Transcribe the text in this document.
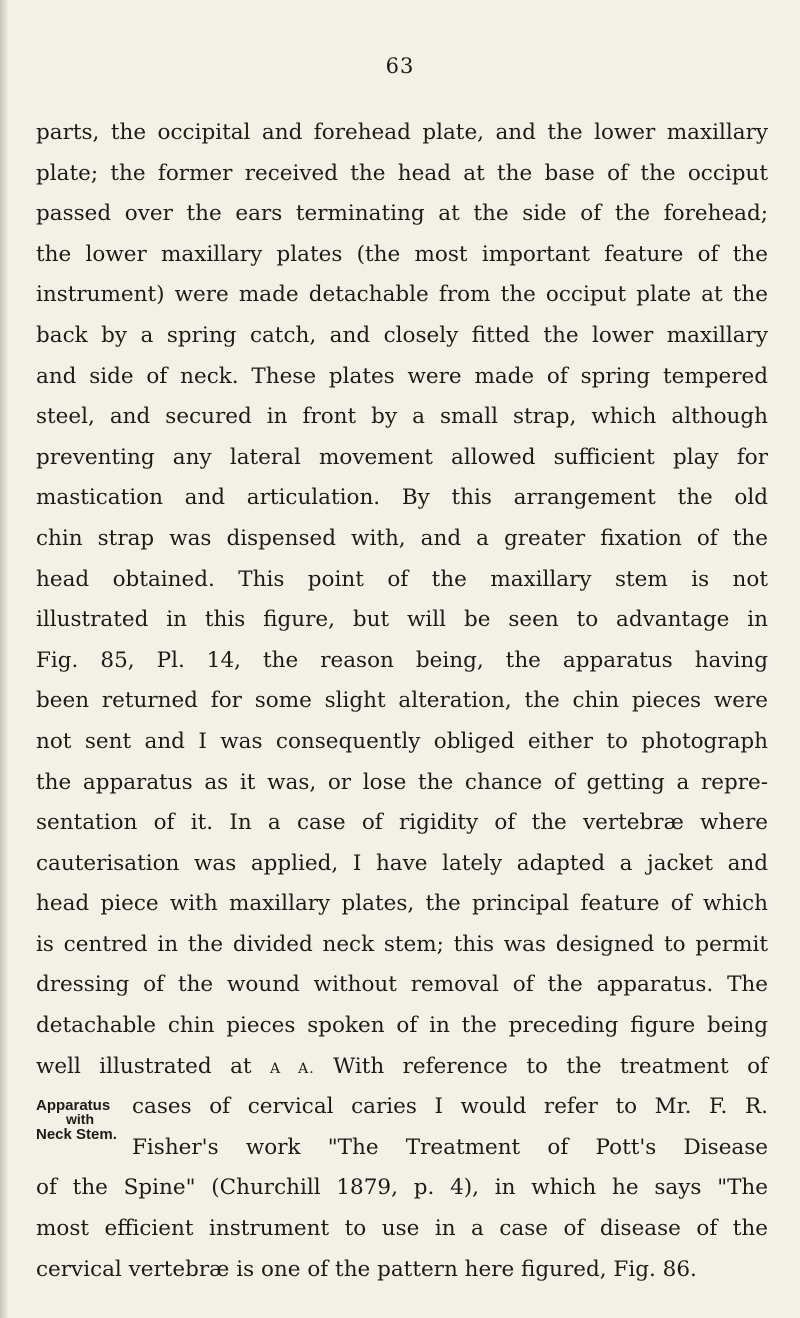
63
parts, the occipital and forehead plate, and the lower maxillary
plate; the former received the head at the base of the occiput
passed over the ears terminating at the side of the forehead;
the lower maxillary plates (the most important feature of the
instrument) were made detachable from the occiput plate at the
back by a spring catch, and closely fitted the lower maxillary
and side of neck. These plates were made of spring tempered
steel, and secured in front by a small strap, which although
preventing any lateral movement allowed sufficient play for
mastication and articulation. By this arrangement the old
chin strap was dispensed with, and a greater fixation of the
head obtained. This point of the maxillary stem is not
illustrated in this figure, but will be seen to advantage in
Fig. 85, Pl. 14, the reason being, the apparatus having
been returned for some slight alteration, the chin pieces were
not sent and I was consequently obliged either to photograph
the apparatus as it was, or lose the chance of getting a repre-
sentation of it. In a case of rigidity of the vertebræ where
cauterisation was applied, I have lately adapted a jacket and
head piece with maxillary plates, the principal feature of which
is centred in the divided neck stem; this was designed to permit
dressing of the wound without removal of the apparatus. The
detachable chin pieces spoken of in the preceding figure being
well illustrated at A A. With reference to the treatment of
cases of cervical caries I would refer to Mr. F. R.
Fisher's work "The Treatment of Pott's Disease
of the Spine" (Churchill 1879, p. 4), in which he says "The
most efficient instrument to use in a case of disease of the
cervical vertebræ is one of the pattern here figured, Fig. 86.
Apparatus
with
Neck Stem.
